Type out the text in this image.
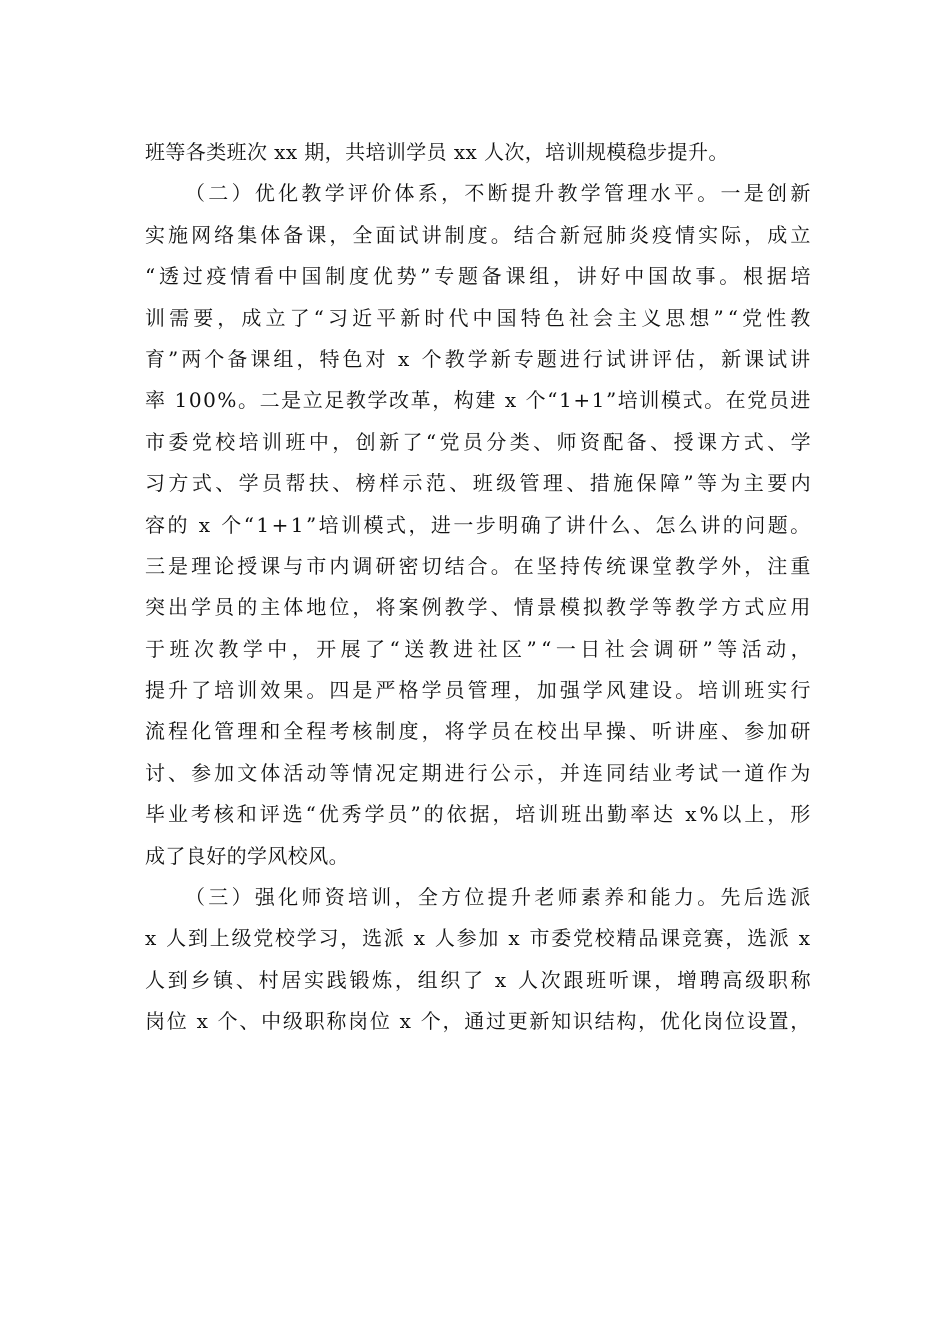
班等各类班次 xx 期，共培训学员 xx 人次，培训规模稳步提升。
（ 二 ） 优 化 教 学 评 价 体 系 ， 不 断 提 升 教 学 管 理 水 平 。 一 是 创 新
实 施 网 络 集 体 备 课 ， 全 面 试 讲 制 度 。 结 合 新 冠 肺 炎 疫 情 实 际 ， 成 立
“ 透 过 疫 情 看 中 国 制 度 优 势 ” 专 题 备 课 组 ， 讲 好 中 国 故 事 。 根 据 培
训 需 要 ， 成 立 了 “ 习 近 平 新 时 代 中 国 特 色 社 会 主 义 思 想 ” “ 党 性 教
育 ” 两 个 备 课 组 ， 特 色 对
x
个 教 学 新 专 题 进 行 试 讲 评 估 ， 新 课 试 讲
率
1 0 0 % 。 二 是 立 足 教 学 改 革 ， 构 建
x
个 “ 1 + 1 ” 培 训 模 式 。 在 党 员 进
市 委 党 校 培 训 班 中 ， 创 新 了 “ 党 员 分 类 、 师 资 配 备 、 授 课 方 式 、 学
习 方 式 、 学 员 帮 扶 、 榜 样 示 范 、 班 级 管 理 、 措 施 保 障 ” 等 为 主 要 内
容 的
x
个 “ 1 + 1 ” 培 训 模 式 ， 进 一 步 明 确 了 讲 什 么 、 怎 么 讲 的 问 题 。
三 是 理 论 授 课 与 市 内 调 研 密 切 结 合 。 在 坚 持 传 统 课 堂 教 学 外 ， 注 重
突 出 学 员 的 主 体 地 位 ， 将 案 例 教 学 、 情 景 模 拟 教 学 等 教 学 方 式 应 用
于 班 次 教 学 中 ， 开 展 了 “ 送 教 进 社 区 ” “ 一 日 社 会 调 研 ” 等 活 动 ，
提 升 了 培 训 效 果 。 四 是 严 格 学 员 管 理 ， 加 强 学 风 建 设 。 培 训 班 实 行
流 程 化 管 理 和 全 程 考 核 制 度 ， 将 学 员 在 校 出 早 操 、 听 讲 座 、 参 加 研
讨 、 参 加 文 体 活 动 等 情 况 定 期 进 行 公 示 ， 并 连 同 结 业 考 试 一 道 作 为
毕 业 考 核 和 评 选 “ 优 秀 学 员 ” 的 依 据 ， 培 训 班 出 勤 率 达
x % 以 上 ， 形
成了良好的学风校风。
（ 三 ） 强 化 师 资 培 训 ， 全 方 位 提 升 老 师 素 养 和 能 力 。 先 后 选 派
x
人 到 上 级 党 校 学 习 ， 选 派
x
人 参 加
x
市 委 党 校 精 品 课 竞 赛 ， 选 派
x
人 到 乡 镇 、 村 居 实 践 锻 炼 ， 组 织 了
x
人 次 跟 班 听 课 ， 增 聘 高 级 职 称
岗 位
x
个 、 中 级 职 称 岗 位
x
个 ， 通 过 更 新 知 识 结 构 ， 优 化 岗 位 设 置 ，
